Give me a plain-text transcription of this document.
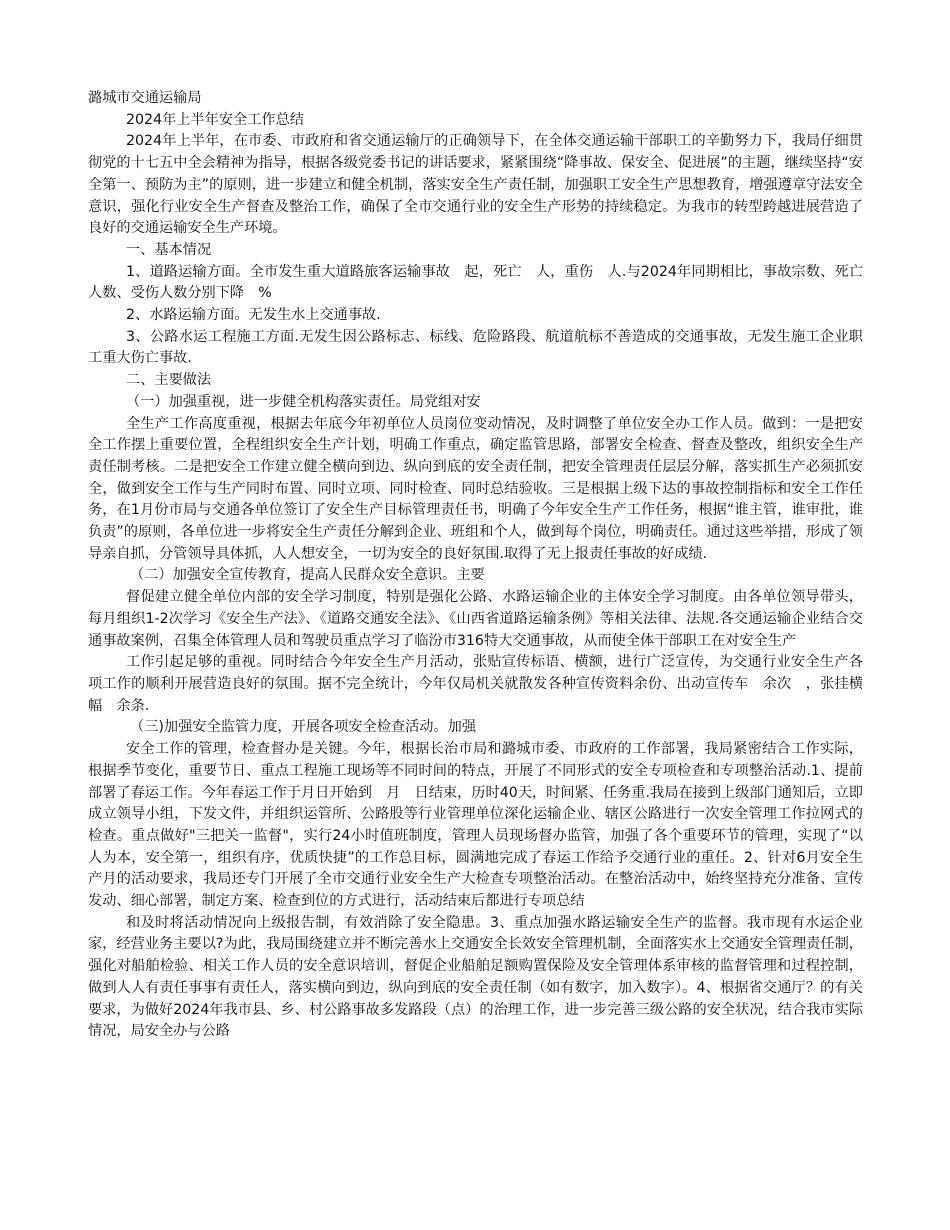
潞城市交通运输局

2024年上半年安全工作总结

2024年上半年，在市委、市政府和省交通运输厅的正确领导下，在全体交通运输干部职工的辛勤努力下，我局仔细贯彻党的十七五中全会精神为指导，根据各级党委书记的讲话要求，紧紧围绕“降事故、保安全、促进展”的主题，继续坚持“安全第一、预防为主”的原则，进一步建立和健全机制，落实安全生产责任制，加强职工安全生产思想教育，增强遵章守法安全意识，强化行业安全生产督查及整治工作，确保了全市交通行业的安全生产形势的持续稳定。为我市的转型跨越进展营造了良好的交通运输安全生产环境。

一、基本情况

1、道路运输方面。全市发生重大道路旅客运输事故　起，死亡　人，重伤　人.与2024年同期相比，事故宗数、死亡人数、受伤人数分别下降　%

2、水路运输方面。无发生水上交通事故.

3、公路水运工程施工方面.无发生因公路标志、标线、危险路段、航道航标不善造成的交通事故，无发生施工企业职工重大伤亡事故.

二、主要做法

（一）加强重视，进一步健全机构落实责任。局党组对安

全生产工作高度重视，根据去年底今年初单位人员岗位变动情况，及时调整了单位安全办工作人员。做到：一是把安全工作摆上重要位置，全程组织安全生产计划，明确工作重点，确定监管思路，部署安全检查、督查及整改，组织安全生产责任制考核。二是把安全工作建立健全横向到边、纵向到底的安全责任制，把安全管理责任层层分解，落实抓生产必须抓安全，做到安全工作与生产同时布置、同时立项、同时检查、同时总结验收。三是根据上级下达的事故控制指标和安全工作任务，在1月份市局与交通各单位签订了安全生产目标管理责任书，明确了今年安全生产工作任务，根据“谁主管，谁审批，谁负责”的原则，各单位进一步将安全生产责任分解到企业、班组和个人，做到每个岗位，明确责任。通过这些举措，形成了领导亲自抓，分管领导具体抓，人人想安全，一切为安全的良好氛围.取得了无上报责任事故的好成绩.

（二）加强安全宣传教育，提高人民群众安全意识。主要

督促建立健全单位内部的安全学习制度，特别是强化公路、水路运输企业的主体安全学习制度。由各单位领导带头，每月组织1-2次学习《安全生产法》、《道路交通安全法》、《山西省道路运输条例》等相关法律、法规.各交通运输企业结合交通事故案例，召集全体管理人员和驾驶员重点学习了临汾市316特大交通事故，从而使全体干部职工在对安全生产

工作引起足够的重视。同时结合今年安全生产月活动，张贴宣传标语、横额，进行广泛宣传，为交通行业安全生产各项工作的顺利开展营造良好的氛围。据不完全统计，今年仅局机关就散发各种宣传资料余份、出动宣传车　余次　，张挂横幅　余条.

（三)加强安全监管力度，开展各项安全检查活动。加强

安全工作的管理，检查督办是关键。今年，根据长治市局和潞城市委、市政府的工作部署，我局紧密结合工作实际，根据季节变化，重要节日、重点工程施工现场等不同时间的特点，开展了不同形式的安全专项检查和专项整治活动.1、提前部署了春运工作。今年春运工作于月日开始到　月　日结束，历时40天，时间紧、任务重.我局在接到上级部门通知后，立即成立领导小组，下发文件，并组织运管所、公路股等行业管理单位深化运输企业、辖区公路进行一次安全管理工作拉网式的检查。重点做好"三把关一监督"，实行24小时值班制度，管理人员现场督办监管，加强了各个重要环节的管理，实现了“以人为本，安全第一，组织有序，优质快捷”的工作总目标，圆满地完成了春运工作给予交通行业的重任。2、针对6月安全生产月的活动要求，我局还专门开展了全市交通行业安全生产大检查专项整治活动。在整治活动中，始终坚持充分准备、宣传发动、细心部署，制定方案、检查到位的方式进行，活动结束后都进行专项总结

和及时将活动情况向上级报告制，有效消除了安全隐患。3、重点加强水路运输安全生产的监督。我市现有水运企业　家，经营业务主要以?为此，我局围绕建立并不断完善水上交通安全长效安全管理机制，全面落实水上交通安全管理责任制，强化对船舶检验、相关工作人员的安全意识培训，督促企业船舶足额购置保险及安全管理体系审核的监督管理和过程控制，做到人人有责任事事有责任人，落实横向到边，纵向到底的安全责任制（如有数字，加入数字）。4、根据省交通厅？的有关要求，为做好2024年我市县、乡、村公路事故多发路段（点）的治理工作，进一步完善三级公路的安全状况，结合我市实际情况，局安全办与公路
